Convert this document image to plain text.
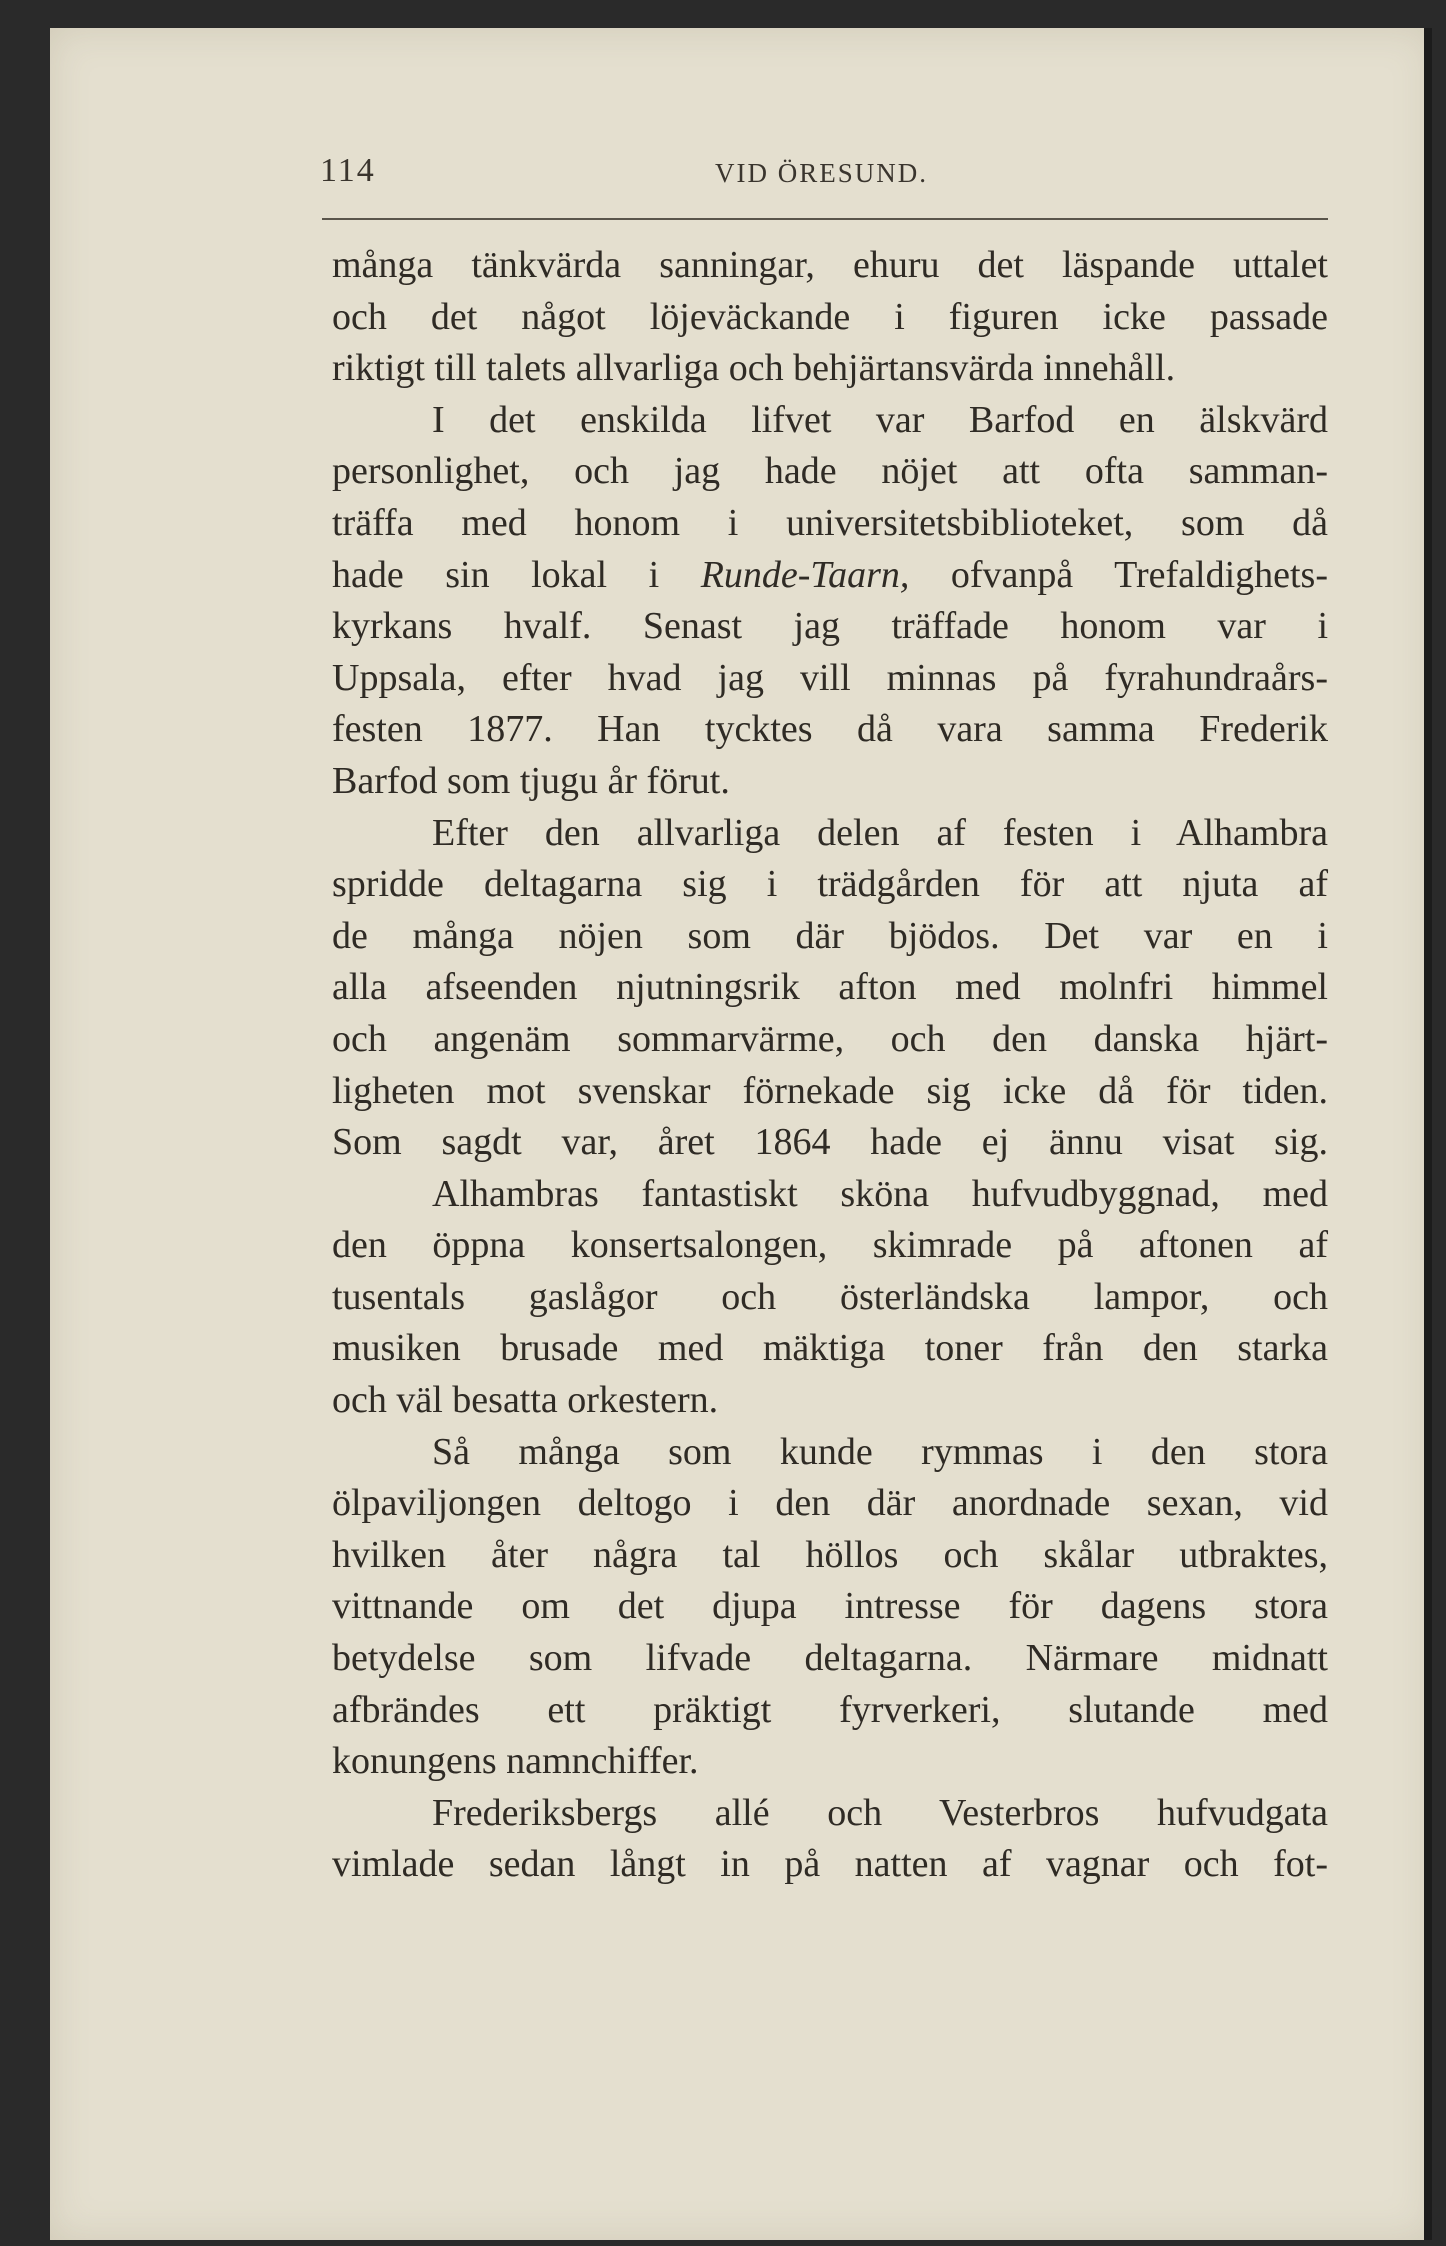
114	VID ÖRESUND.
många tänkvärda sanningar, ehuru det läspande uttalet
och det något löjeväckande i figuren icke passade
riktigt till talets allvarliga och behjärtansvärda innehåll.
I det enskilda lifvet var Barfod en älskvärd
personlighet, och jag hade nöjet att ofta samman-
träffa med honom i universitetsbiblioteket, som då
hade sin lokal i Runde-Taarn, ofvanpå Trefaldighets-
kyrkans hvalf. Senast jag träffade honom var i
Uppsala, efter hvad jag vill minnas på fyrahundraårs-
festen 1877. Han tycktes då vara samma Frederik
Barfod som tjugu år förut.
Efter den allvarliga delen af festen i Alhambra
spridde deltagarna sig i trädgården för att njuta af
de många nöjen som där bjödos. Det var en i
alla afseenden njutningsrik afton med molnfri himmel
och angenäm sommarvärme, och den danska hjärt-
ligheten mot svenskar förnekade sig icke då för tiden.
Som sagdt var, året 1864 hade ej ännu visat sig.
Alhambras fantastiskt sköna hufvudbyggnad, med
den öppna konsertsalongen, skimrade på aftonen af
tusentals gaslågor och österländska lampor, och
musiken brusade med mäktiga toner från den starka
och väl besatta orkestern.
Så många som kunde rymmas i den stora
ölpaviljongen deltogo i den där anordnade sexan, vid
hvilken åter några tal höllos och skålar utbraktes,
vittnande om det djupa intresse för dagens stora
betydelse som lifvade deltagarna. Närmare midnatt
afbrändes ett präktigt fyrverkeri, slutande med
konungens namnchiffer.
Frederiksbergs allé och Vesterbros hufvudgata
vimlade sedan långt in på natten af vagnar och fot-
